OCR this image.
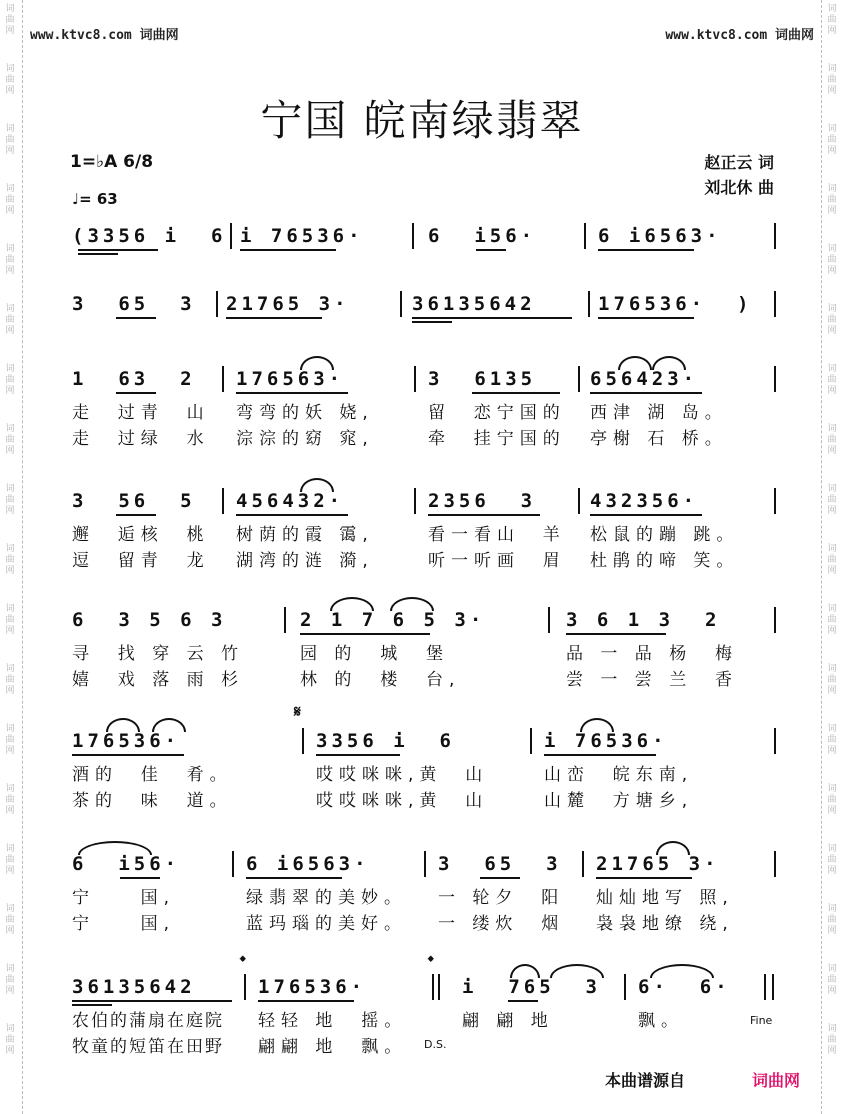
词
曲
网
词
曲
网
词
曲
网
词
曲
网
词
曲
网
词
曲
网
词
曲
网
词
曲
网
词
曲
网
词
曲
网
词
曲
网
词
曲
网
词
曲
网
词
曲
网
词
曲
网
词
曲
网
词
曲
网
词
曲
网
词
曲
网
词
曲
网
词
曲
网
词
曲
网
词
曲
网
词
曲
网
词
曲
网
词
曲
网
词
曲
网
词
曲
网
词
曲
网
词
曲
网
词
曲
网
词
曲
网
词
曲
网
词
曲
网
词
曲
网
词
曲
网
www.ktvc8.com 词曲网	www.ktvc8.com 词曲网
宁国 皖南绿翡翠
1=♭A 6/8
♩= 63
赵正云 词
刘北休 曲
(3356 i  6 i 76536·	6  i56·	6 i6563·
3  65  3 21765 3·	36135642	176536·  )
1  63  2 176563·	3  6135	656423·
走  过青  山 弯弯的妖 娆,	留  恋宁国的 西津 湖 岛。
走  过绿  水 淙淙的窈 窕,	牵  挂宁国的 亭榭 石 桥。
3  56  5 456432·	2356  3	432356·
邂  逅核  桃 树荫的霞 霭,	看一看山  羊 松鼠的蹦 跳。
逗  留青  龙 湖湾的涟 漪,	听一听画  眉 杜鹃的啼 笑。
6  3 5 6 3	2 1 7 6 5 3·	3 6 1 3  2
寻  找 穿 云 竹	园 的  城  堡	品 一 品 杨  梅
嬉  戏 落 雨 杉	林 的  楼  台,	尝 一 尝 兰  香
𝄋
176536·	3356 i  6	i 76536·
酒的  佳  肴。	哎哎咪咪,黄  山	山峦  皖东南,
茶的  味  道。	哎哎咪咪,黄  山	山麓  方塘乡,
6  i56·	6 i6563·	3  65  3 21765 3·
宁    国,	绿翡翠的美妙。 一 轮夕  阳 灿灿地写 照,
宁    国,	蓝玛瑙的美好。 一 缕炊  烟 袅袅地缭 绕,
𝄌	𝄌
36135642	176536·	i  765  3 6·  6·
农伯的蒲扇在庭院 轻轻 地  摇。	翩 翩 地	飘。	Fine
牧童的短笛在田野 翩翩 地  飘。 D.S.
本曲谱源自	词曲网
